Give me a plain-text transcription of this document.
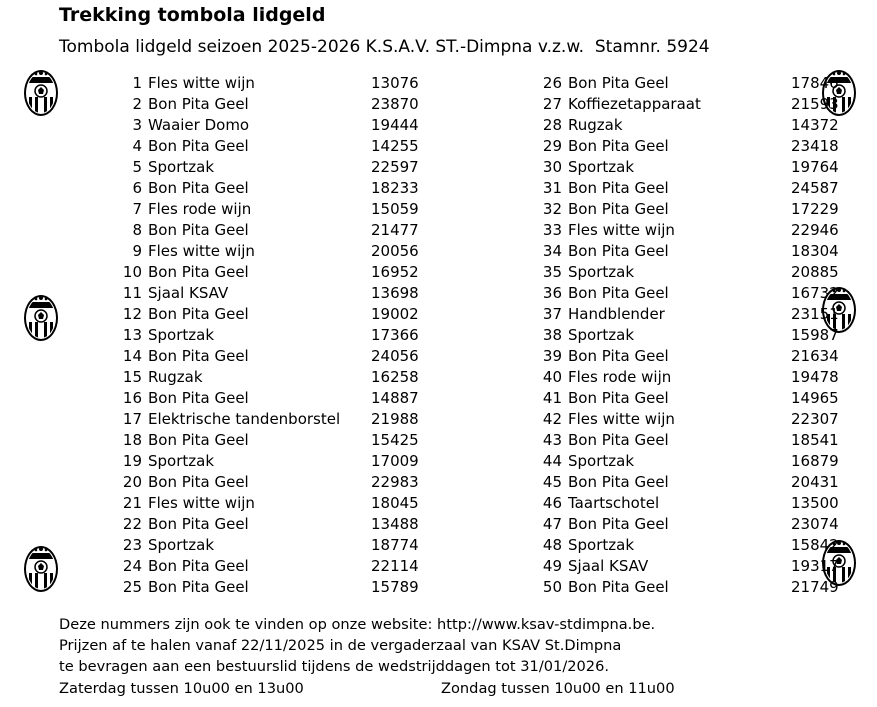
Trekking tombola lidgeld
Tombola lidgeld seizoen 2025-2026 K.S.A.V. ST.-Dimpna v.z.w.  Stamnr. 5924
1 Fles witte wijn	13076
2 Bon Pita Geel	23870
3 Waaier Domo	19444
4 Bon Pita Geel	14255
5 Sportzak	22597
6 Bon Pita Geel	18233
7 Fles rode wijn	15059
8 Bon Pita Geel	21477
9 Fles witte wijn	20056
10 Bon Pita Geel	16952
11 Sjaal KSAV	13698
12 Bon Pita Geel	19002
13 Sportzak	17366
14 Bon Pita Geel	24056
15 Rugzak	16258
16 Bon Pita Geel	14887
17 Elektrische tandenborstel 21988
18 Bon Pita Geel	15425
19 Sportzak	17009
20 Bon Pita Geel	22983
21 Fles witte wijn	18045
22 Bon Pita Geel	13488
23 Sportzak	18774
24 Bon Pita Geel	22114
25 Bon Pita Geel	15789
26 Bon Pita Geel	17846
27 Koffiezetapparaat	21593
28 Rugzak	14372
29 Bon Pita Geel	23418
30 Sportzak	19764
31 Bon Pita Geel	24587
32 Bon Pita Geel	17229
33 Fles witte wijn	22946
34 Bon Pita Geel	18304
35 Sportzak	20885
36 Bon Pita Geel	16732
37 Handblender	23151
38 Sportzak	15987
39 Bon Pita Geel	21634
40 Fles rode wijn	19478
41 Bon Pita Geel	14965
42 Fles witte wijn	22307
43 Bon Pita Geel	18541
44 Sportzak	16879
45 Bon Pita Geel	20431
46 Taartschotel	13500
47 Bon Pita Geel	23074
48 Sportzak	15842
49 Sjaal KSAV	19317
50 Bon Pita Geel	21749
Deze nummers zijn ook te vinden op onze website: http://www.ksav-stdimpna.be.
Prijzen af te halen vanaf 22/11/2025 in de vergaderzaal van KSAV St.Dimpna
te bevragen aan een bestuurslid tijdens de wedstrijddagen tot 31/01/2026.
Zaterdag tussen 10u00 en 13u00	Zondag tussen 10u00 en 11u00
